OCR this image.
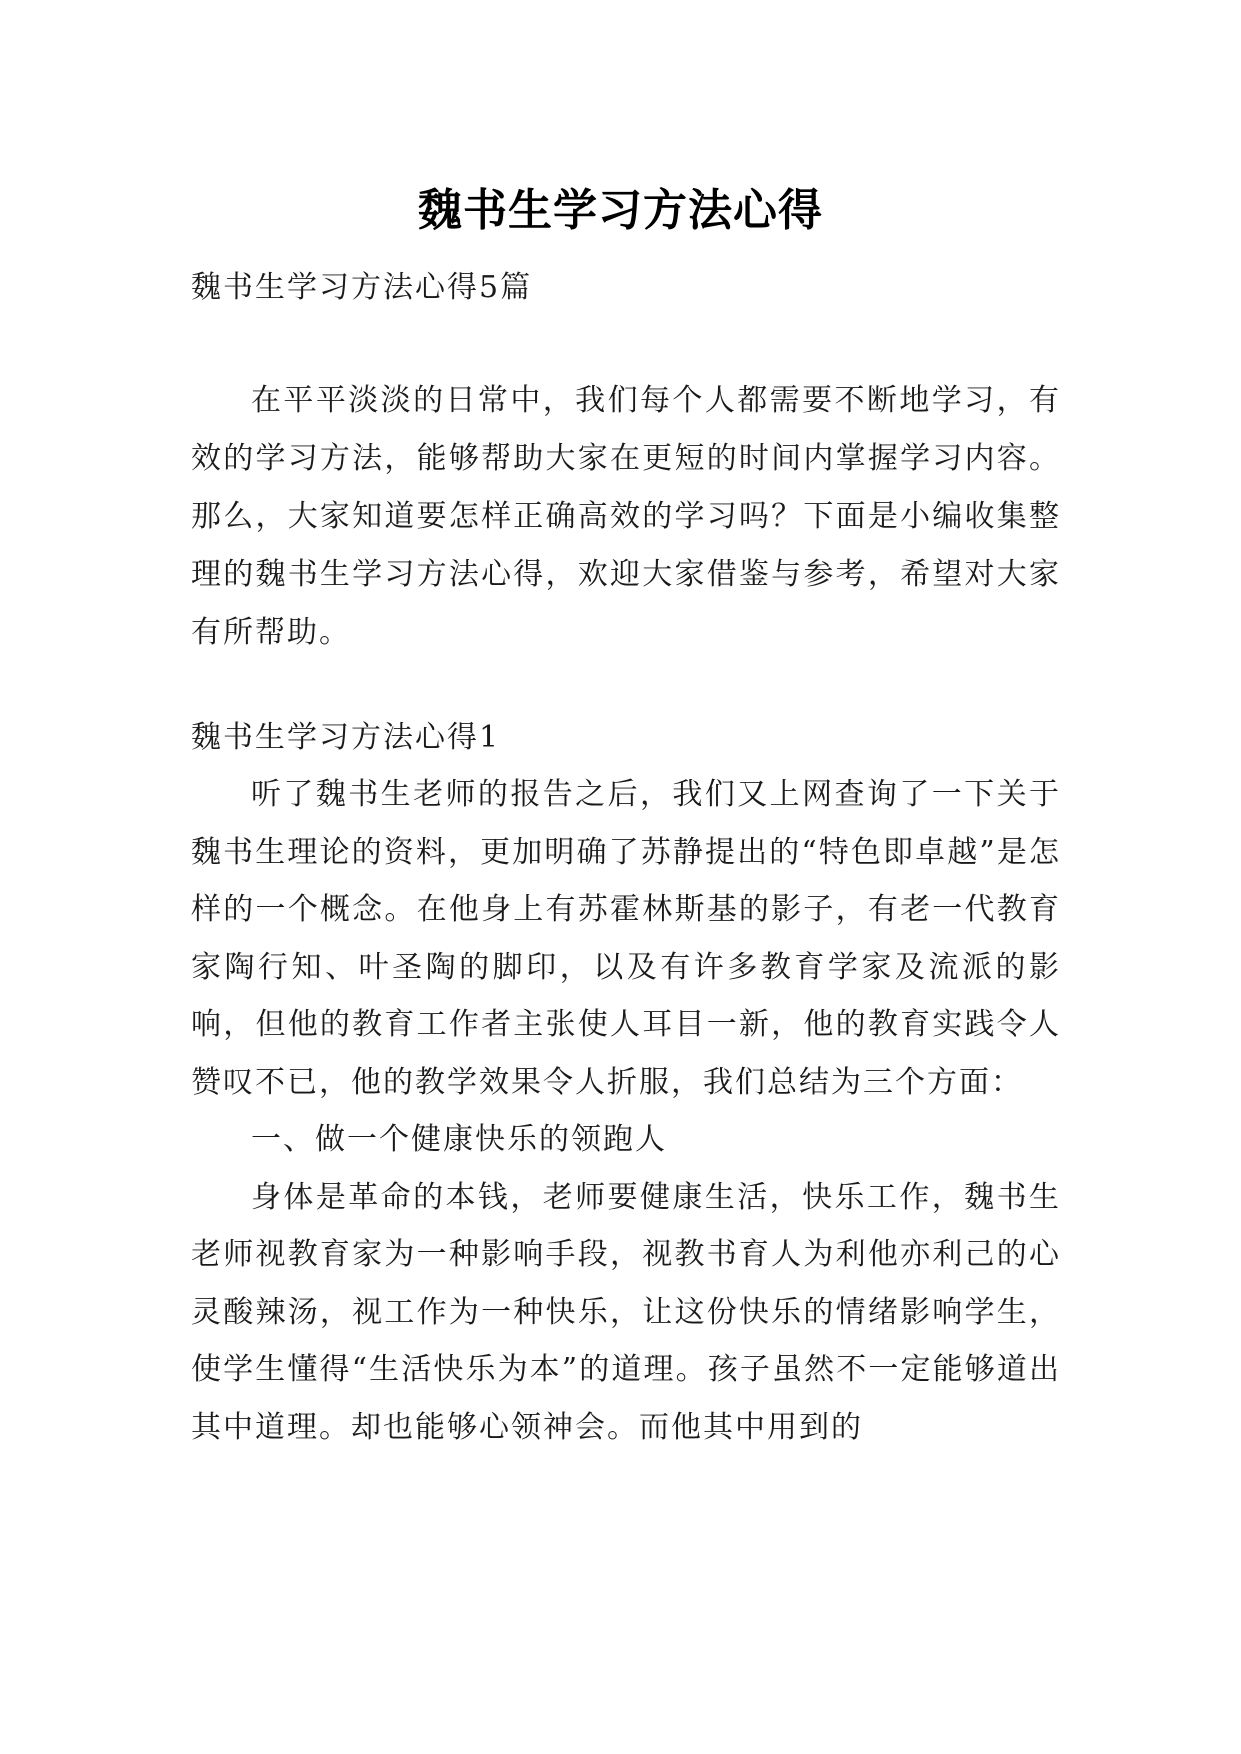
魏书生学习方法心得

魏书生学习方法心得5篇

在平平淡淡的日常中，我们每个人都需要不断地学习，有效的学习方法，能够帮助大家在更短的时间内掌握学习内容。那么，大家知道要怎样正确高效的学习吗？下面是小编收集整理的魏书生学习方法心得，欢迎大家借鉴与参考，希望对大家有所帮助。

魏书生学习方法心得1

听了魏书生老师的报告之后，我们又上网查询了一下关于魏书生理论的资料，更加明确了苏静提出的“特色即卓越”是怎样的一个概念。在他身上有苏霍林斯基的影子，有老一代教育家陶行知、叶圣陶的脚印，以及有许多教育学家及流派的影响，但他的教育工作者主张使人耳目一新，他的教育实践令人赞叹不已，他的教学效果令人折服，我们总结为三个方面：

一、做一个健康快乐的领跑人

身体是革命的本钱，老师要健康生活，快乐工作，魏书生老师视教育家为一种影响手段，视教书育人为利他亦利己的心灵酸辣汤，视工作为一种快乐，让这份快乐的情绪影响学生，使学生懂得“生活快乐为本”的道理。孩子虽然不一定能够道出其中道理。却也能够心领神会。而他其中用到的
